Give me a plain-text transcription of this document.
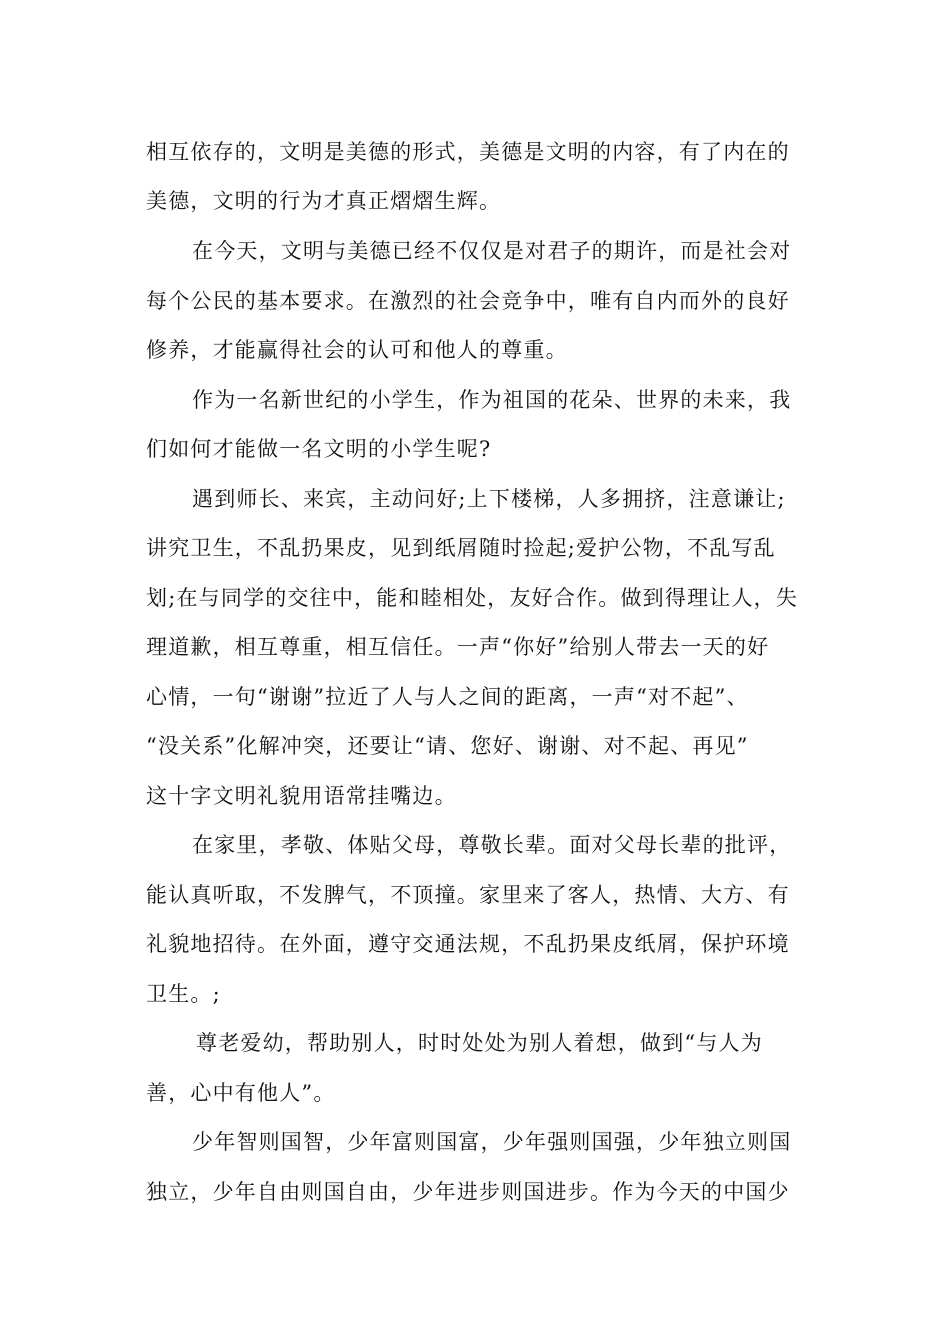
相互依存的，文明是美德的形式，美德是文明的内容，有了内在的
美德，文明的行为才真正熠熠生辉。
在今天，文明与美德已经不仅仅是对君子的期许，而是社会对
每个公民的基本要求。在激烈的社会竞争中，唯有自内而外的良好
修养，才能赢得社会的认可和他人的尊重。
作为一名新世纪的小学生，作为祖国的花朵、世界的未来，我
们如何才能做一名文明的小学生呢?
遇到师长、来宾，主动问好;上下楼梯，人多拥挤，注意谦让;
讲究卫生，不乱扔果皮，见到纸屑随时捡起;爱护公物，不乱写乱
划;在与同学的交往中，能和睦相处，友好合作。做到得理让人，失
理道歉，相互尊重，相互信任。一声“你好”给别人带去一天的好
心情，一句“谢谢”拉近了人与人之间的距离，一声“对不起”、
“没关系”化解冲突，还要让“请、您好、谢谢、对不起、再见”
这十字文明礼貌用语常挂嘴边。
在家里，孝敬、体贴父母，尊敬长辈。面对父母长辈的批评，
能认真听取，不发脾气，不顶撞。家里来了客人，热情、大方、有
礼貌地招待。在外面，遵守交通法规，不乱扔果皮纸屑，保护环境
卫生。;
尊老爱幼，帮助别人，时时处处为别人着想，做到“与人为
善，心中有他人”。
少年智则国智，少年富则国富，少年强则国强，少年独立则国
独立，少年自由则国自由，少年进步则国进步。作为今天的中国少
